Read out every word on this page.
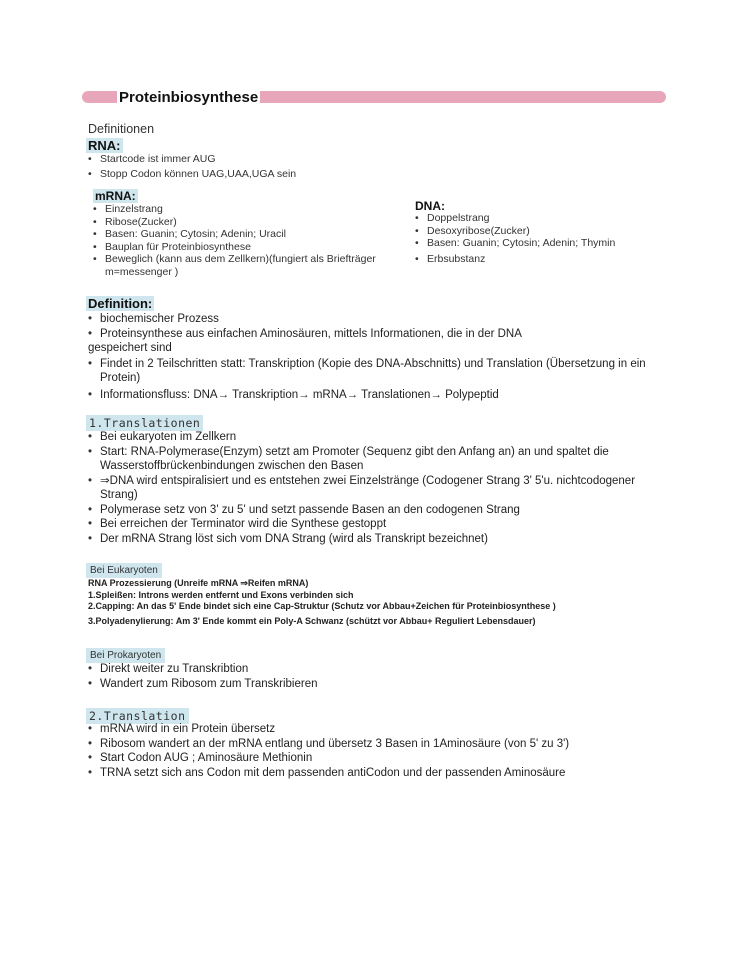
Proteinbiosynthese
Definitionen
RNA:
• Startcode ist immer AUG
• Stopp Codon können UAG,UAA,UGA sein
mRNA:
• Einzelstrang
• Ribose(Zucker)
• Basen: Guanin; Cytosin; Adenin; Uracil
• Bauplan für Proteinbiosynthese
• Beweglich (kann aus dem Zellkern)(fungiert als Briefträger m=messenger )
DNA:
• Doppelstrang
• Desoxyribose(Zucker)
• Basen: Guanin; Cytosin; Adenin; Thymin
• Erbsubstanz
Definition:
• biochemischer Prozess
• Proteinsynthese aus einfachen Aminosäuren, mittels Informationen, die in der DNA
gespeichert sind
• Findet in 2 Teilschritten statt: Transkription (Kopie des DNA-Abschnitts) und Translation (Übersetzung in ein Protein)
• Informationsfluss: DNA→ Transkription→ mRNA→ Translationen→ Polypeptid
1.Translationen
• Bei eukaryoten im Zellkern
• Start: RNA-Polymerase(Enzym) setzt am Promoter (Sequenz gibt den Anfang an) an und spaltet die Wasserstoffbrückenbindungen zwischen den Basen
• ⇒DNA wird entspiralisiert und es entstehen zwei Einzelstränge (Codogener Strang 3' 5'u. nichtcodogener Strang)
• Polymerase setz von 3' zu 5' und setzt passende Basen an den codogenen Strang
• Bei erreichen der Terminator wird die Synthese gestoppt
• Der mRNA Strang löst sich vom DNA Strang (wird als Transkript bezeichnet)
Bei Eukaryoten
RNA Prozessierung (Unreife mRNA ⇒Reifen mRNA)
1.Spleißen: Introns werden entfernt und Exons verbinden sich
2.Capping: An das 5' Ende bindet sich eine Cap-Struktur (Schutz vor Abbau+Zeichen für Proteinbiosynthese )
3.Polyadenylierung: Am 3' Ende kommt ein Poly-A Schwanz (schützt vor Abbau+ Reguliert Lebensdauer)
Bei Prokaryoten
• Direkt weiter zu Transkribtion
• Wandert zum Ribosom zum Transkribieren
2.Translation
• mRNA wird in ein Protein übersetz
• Ribosom wandert an der mRNA entlang und übersetz 3 Basen in 1Aminosäure (von 5' zu 3')
• Start Codon AUG ; Aminosäure Methionin
• TRNA setzt sich ans Codon mit dem passenden antiCodon und der passenden Aminosäure
